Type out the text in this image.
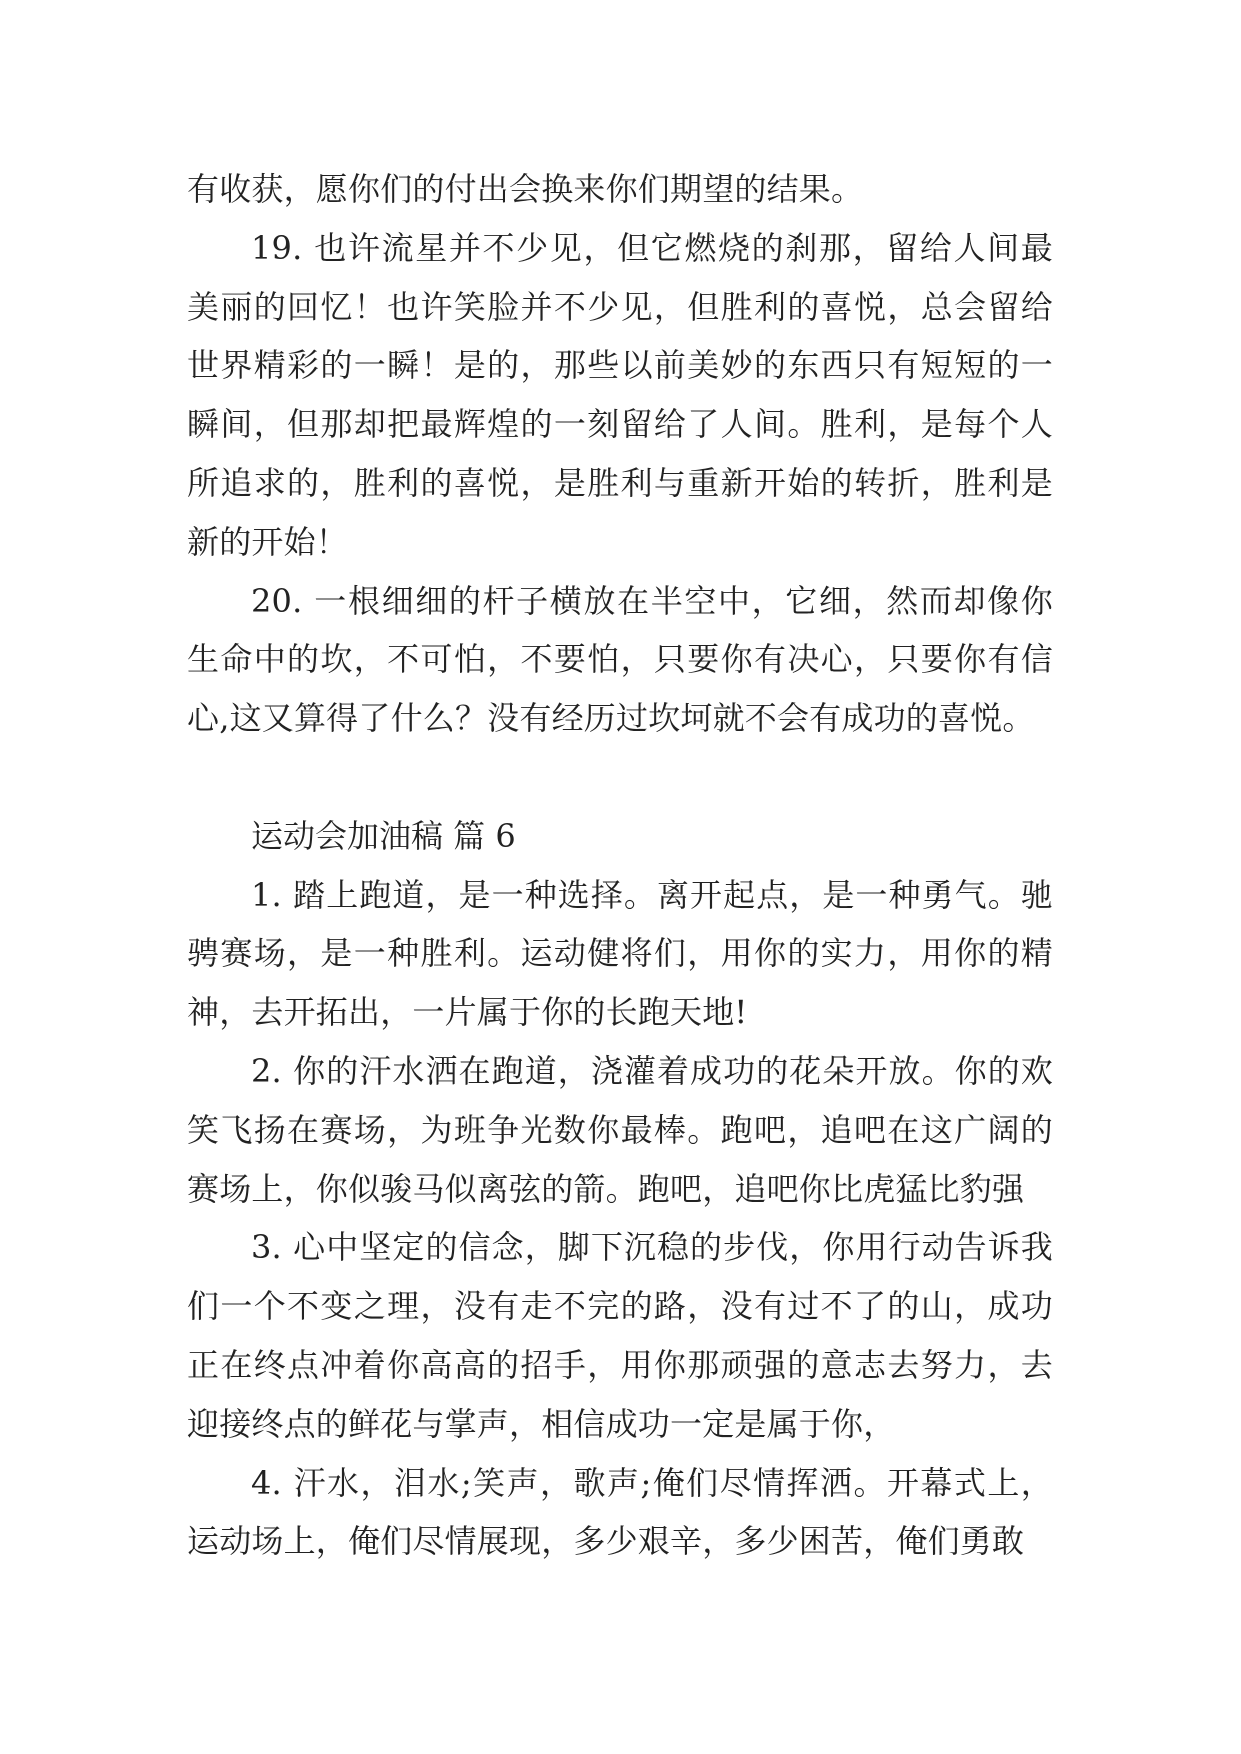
有收获，愿你们的付出会换来你们期望的结果。

19. 也许流星并不少见，但它燃烧的刹那，留给人间最美丽的回忆！也许笑脸并不少见，但胜利的喜悦，总会留给世界精彩的一瞬！是的，那些以前美妙的东西只有短短的一瞬间，但那却把最辉煌的一刻留给了人间。胜利，是每个人所追求的，胜利的喜悦，是胜利与重新开始的转折，胜利是新的开始！

20. 一根细细的杆子横放在半空中，它细，然而却像你生命中的坎，不可怕，不要怕，只要你有决心，只要你有信心,这又算得了什么？没有经历过坎坷就不会有成功的喜悦。

运动会加油稿 篇 6

1. 踏上跑道，是一种选择。离开起点，是一种勇气。驰骋赛场，是一种胜利。运动健将们，用你的实力，用你的精神，去开拓出，一片属于你的长跑天地!

2. 你的汗水洒在跑道，浇灌着成功的花朵开放。你的欢笑飞扬在赛场，为班争光数你最棒。跑吧，追吧在这广阔的赛场上，你似骏马似离弦的箭。跑吧，追吧你比虎猛比豹强

3. 心中坚定的信念，脚下沉稳的步伐，你用行动告诉我们一个不变之理，没有走不完的路，没有过不了的山，成功正在终点冲着你高高的招手，用你那顽强的意志去努力，去迎接终点的鲜花与掌声，相信成功一定是属于你，

4. 汗水，泪水;笑声，歌声;俺们尽情挥洒。开幕式上，运动场上，俺们尽情展现，多少艰辛，多少困苦，俺们勇敢
